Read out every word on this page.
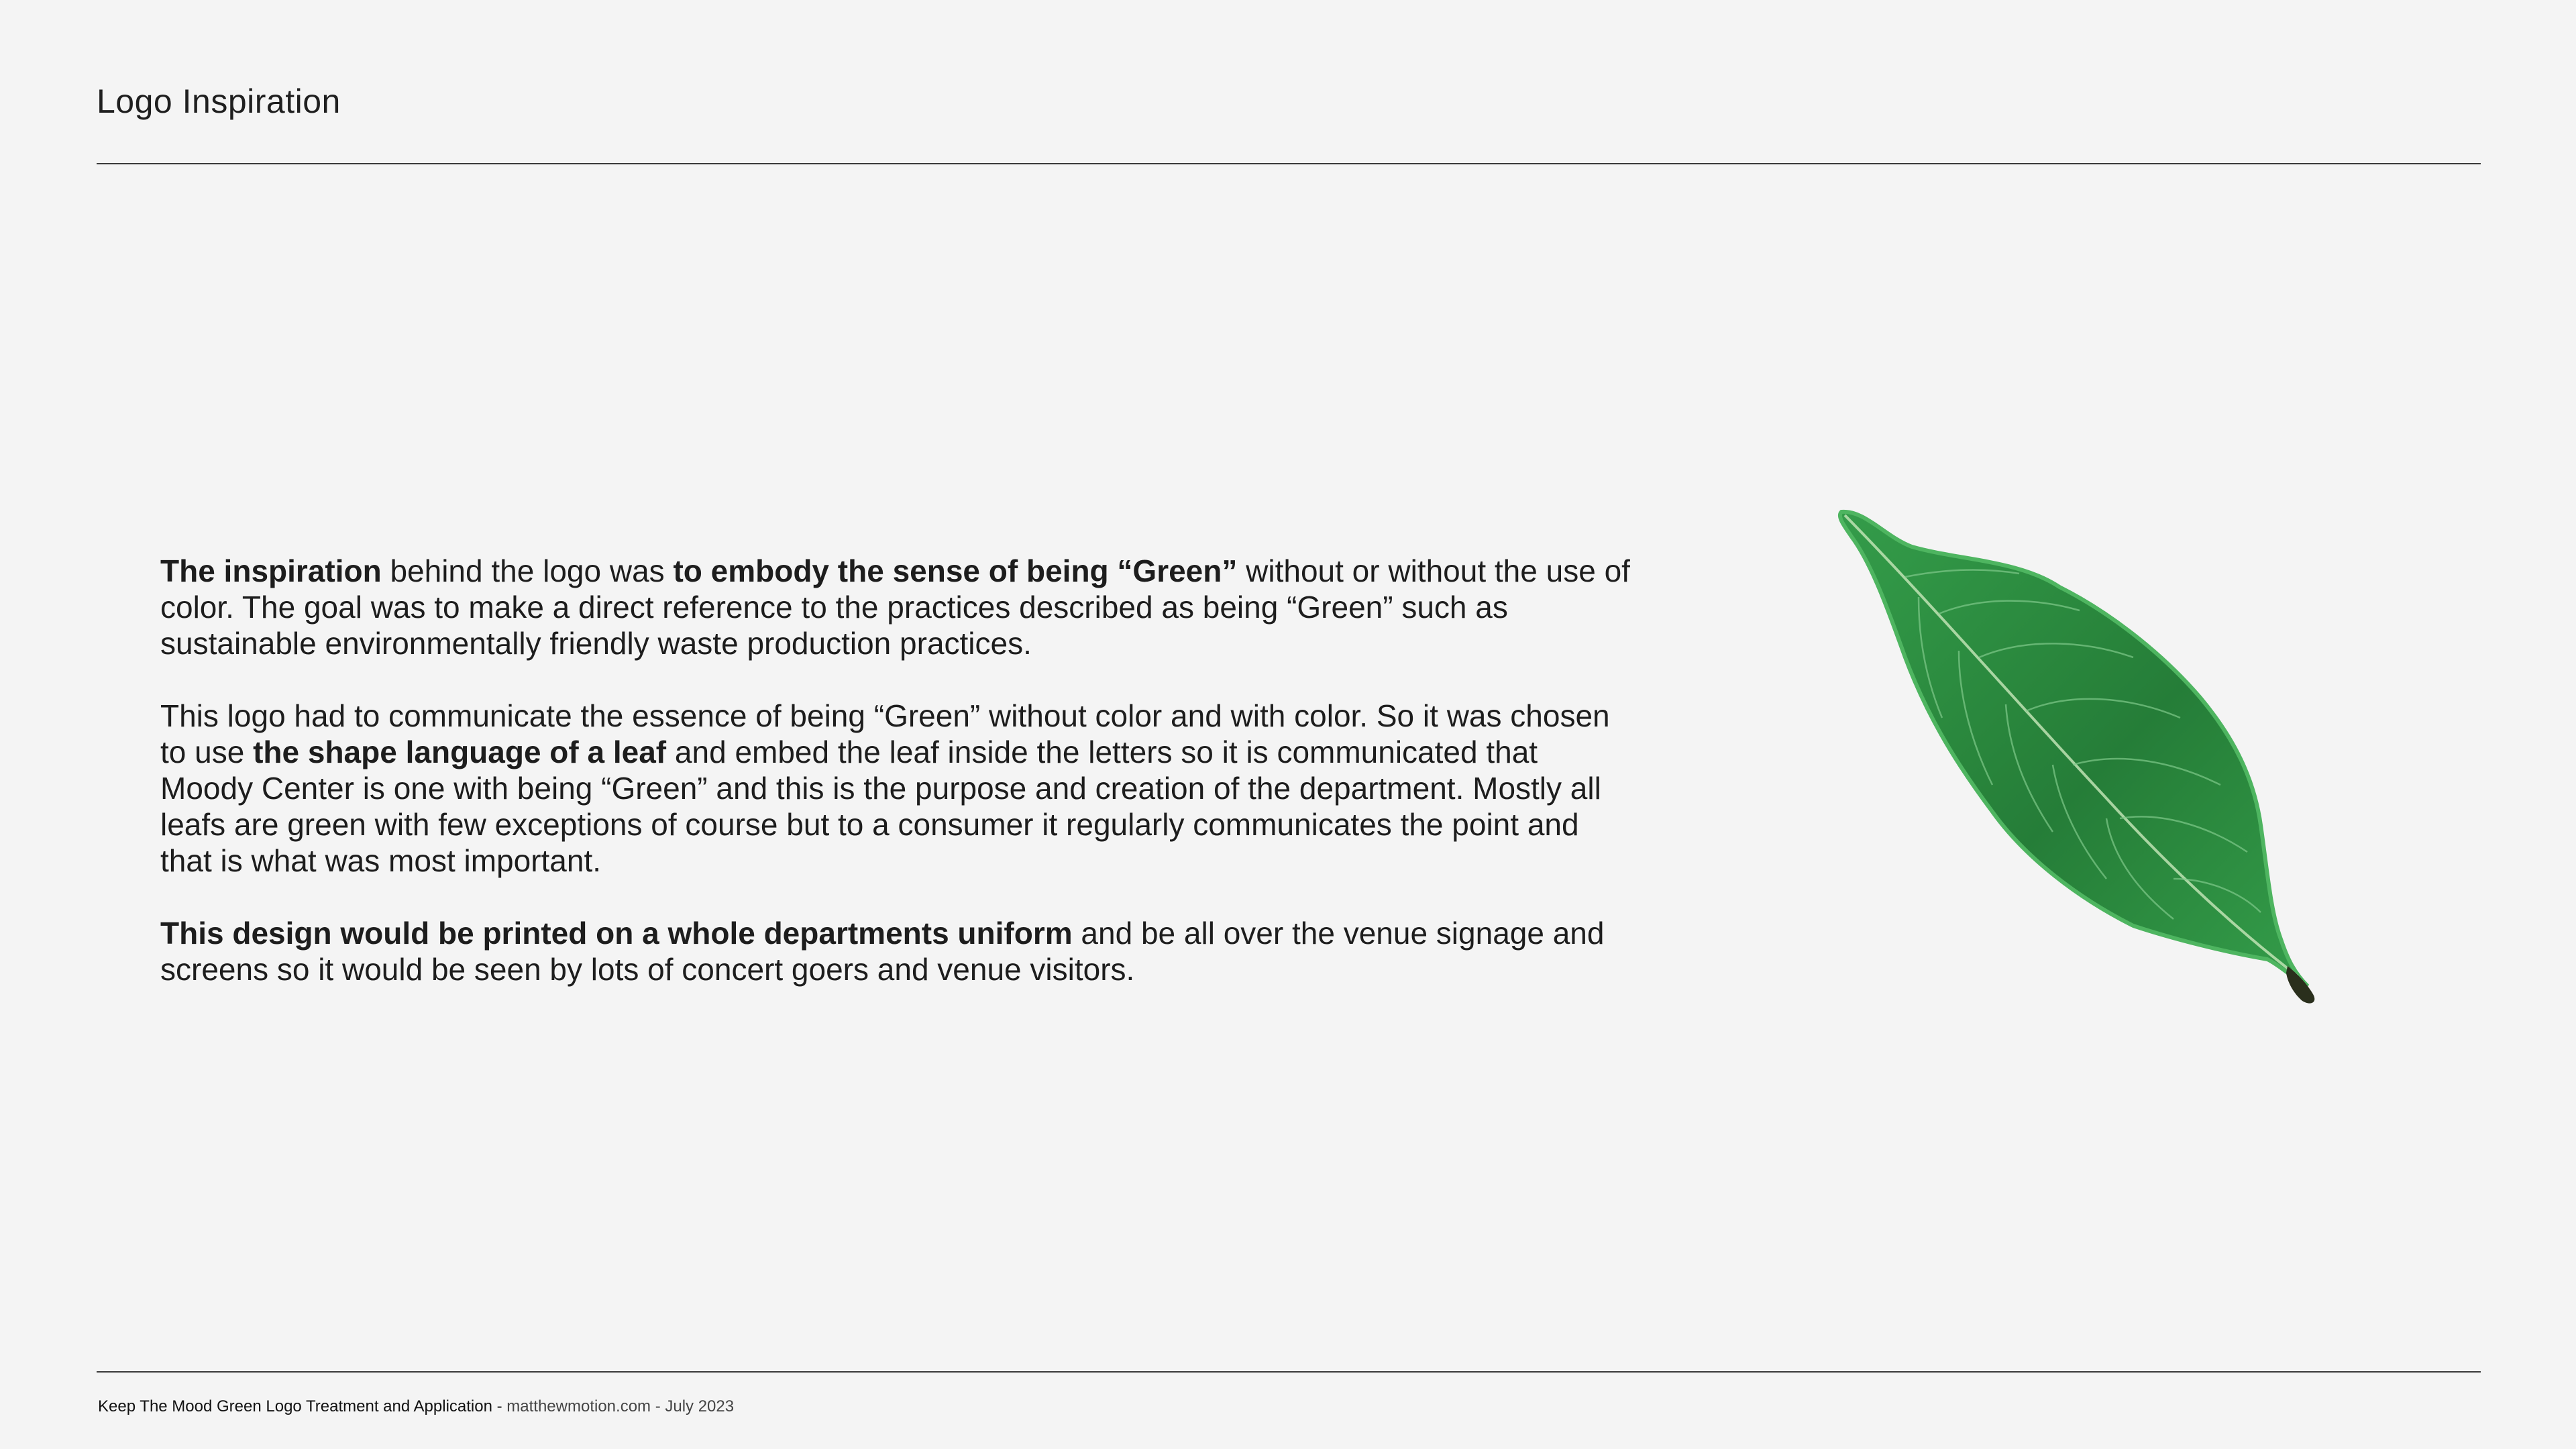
Logo Inspiration

The inspiration behind the logo was to embody the sense of being “Green” without or without the use of color. The goal was to make a direct reference to the practices described as being “Green” such as sustainable environmentally friendly waste production practices.

This logo had to communicate the essence of being “Green” without color and with color. So it was chosen to use the shape language of a leaf and embed the leaf inside the letters so it is communicated that Moody Center is one with being “Green” and this is the purpose and creation of the department. Mostly all leafs are green with few exceptions of course but to a consumer it regularly communicates the point and that is what was most important.

This design would be printed on a whole departments uniform and be all over the venue signage and screens so it would be seen by lots of concert goers and venue visitors.

Keep The Mood Green Logo Treatment and Application - matthewmotion.com - July 2023
